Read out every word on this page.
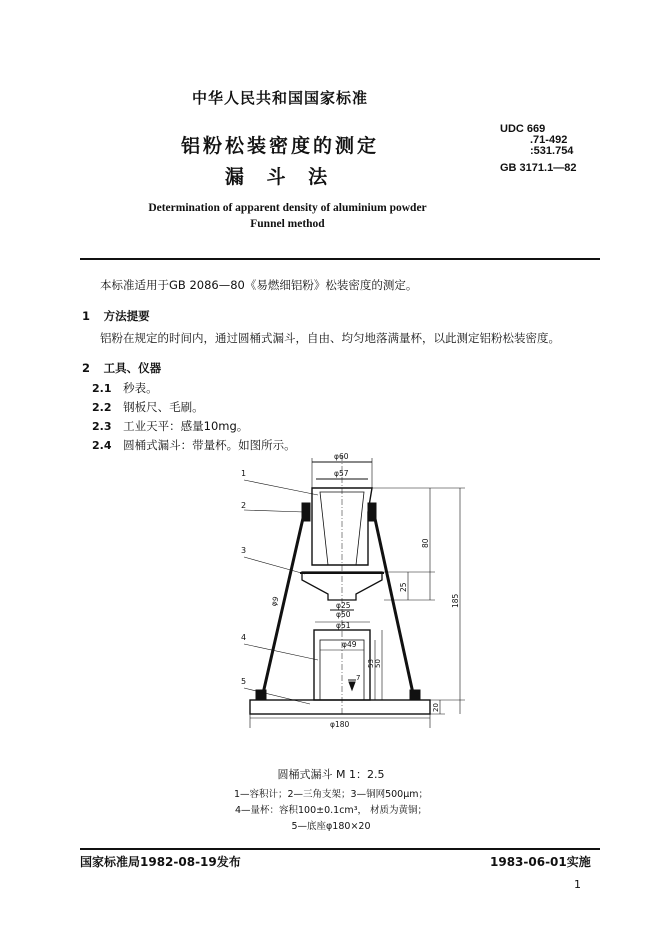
中华人民共和国国家标准
铝粉松装密度的测定
漏 斗 法
UDC 669
.71-492
:531.754
GB 3171.1—82
Determination of apparent density of aluminium powder
Funnel method
本标准适用于GB 2086—80《易燃细铝粉》松装密度的测定。
1 方法提要
铝粉在规定的时间内，通过圆桶式漏斗，自由、均匀地落满量杯，以此测定铝粉松装密度。
2 工具、仪器
2.1 秒表。
2.2 钢板尺、毛刷。
2.3 工业天平：感量10mg。
2.4 圆桶式漏斗：带量杯。如图所示。
1
2
3
4
5
φ60
φ57
φ25
φ50
φ51
φ49
φ180
φ9
7
80
25
185
53 50
20
圆桶式漏斗 M 1：2.5
1—容积计；2—三角支架；3—铜网500μm；
4—量杯：容积100±0.1cm³， 材质为黄铜；
5—底座φ180×20
国家标准局1982-08-19发布	1983-06-01实施
1
